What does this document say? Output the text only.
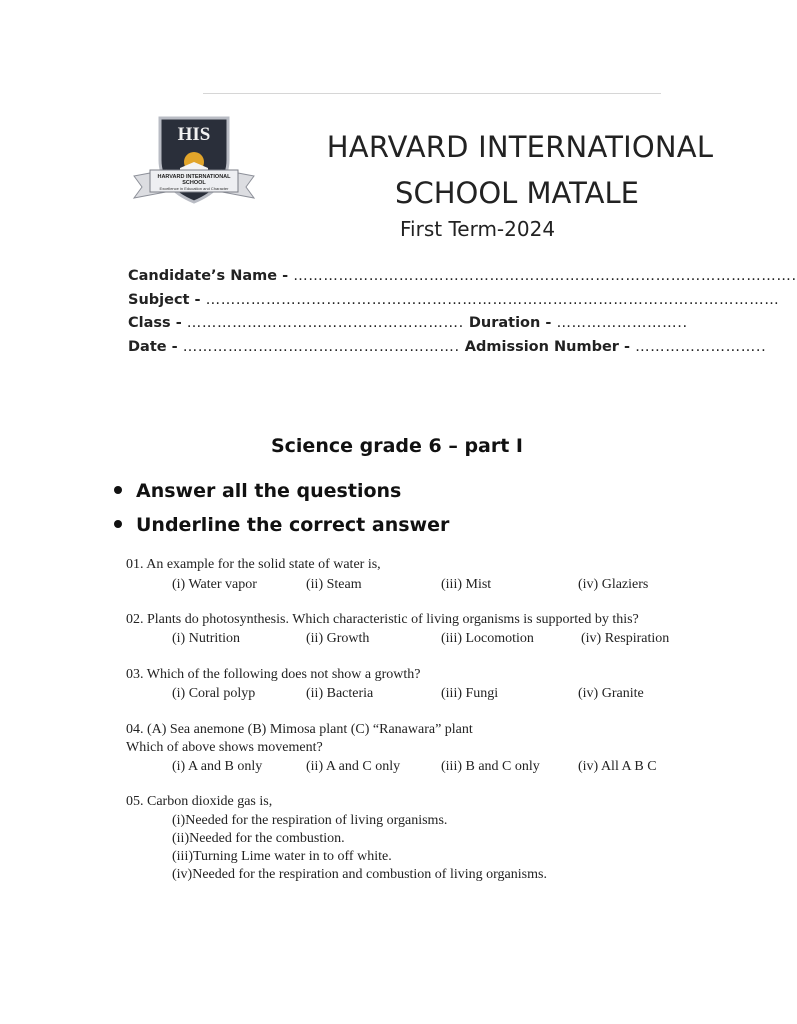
HIS
HARVARD INTERNATIONAL
SCHOOL
Excellence in Education and Character
HARVARD INTERNATIONAL
SCHOOL MATALE
First Term-2024
Candidate’s Name - ……………………………………………………………………………………….
Subject - ……………………………………………………………………………………………………
Class - ………………………………………………. Duration - ……………………..
Date - ………………………………………………. Admission Number - ……………………..
Science grade 6 – part I
Answer all the questions
Underline the correct answer
01. An example for the solid state of water is,
(i) Water vapor	(ii) Steam	(iii) Mist	(iv) Glaziers
02. Plants do photosynthesis. Which characteristic of living organisms is supported by this?
(i) Nutrition	(ii) Growth	(iii) Locomotion	(iv) Respiration
03. Which of the following does not show a growth?
(i) Coral polyp	(ii) Bacteria	(iii) Fungi	(iv) Granite
04. (A) Sea anemone (B) Mimosa plant (C) “Ranawara” plant
Which of above shows movement?
(i) A and B only	(ii) A and C only	(iii) B and C only	(iv) All A B C
05. Carbon dioxide gas is,
(i)Needed for the respiration of living organisms.
(ii)Needed for the combustion.
(iii)Turning Lime water in to off white.
(iv)Needed for the respiration and combustion of living organisms.
